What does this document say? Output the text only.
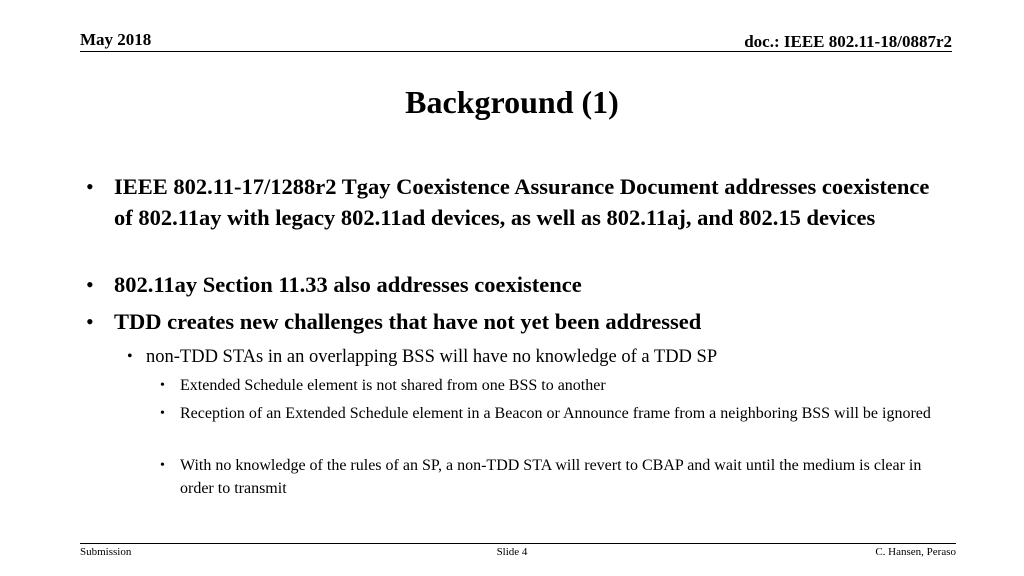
May 2018	doc.: IEEE 802.11-18/0887r2
Background (1)
• IEEE 802.11-17/1288r2 Tgay Coexistence Assurance Document addresses coexistence of 802.11ay with legacy 802.11ad devices, as well as 802.11aj, and 802.15 devices
• 802.11ay Section 11.33 also addresses coexistence
• TDD creates new challenges that have not yet been addressed
• non-TDD STAs in an overlapping BSS will have no knowledge of a TDD SP
• Extended Schedule element is not shared from one BSS to another
• Reception of an Extended Schedule element in a Beacon or Announce frame from a neighboring BSS will be ignored
• With no knowledge of the rules of an SP, a non-TDD STA will revert to CBAP and wait until the medium is clear in order to transmit
Submission	Slide 4	C. Hansen, Peraso
